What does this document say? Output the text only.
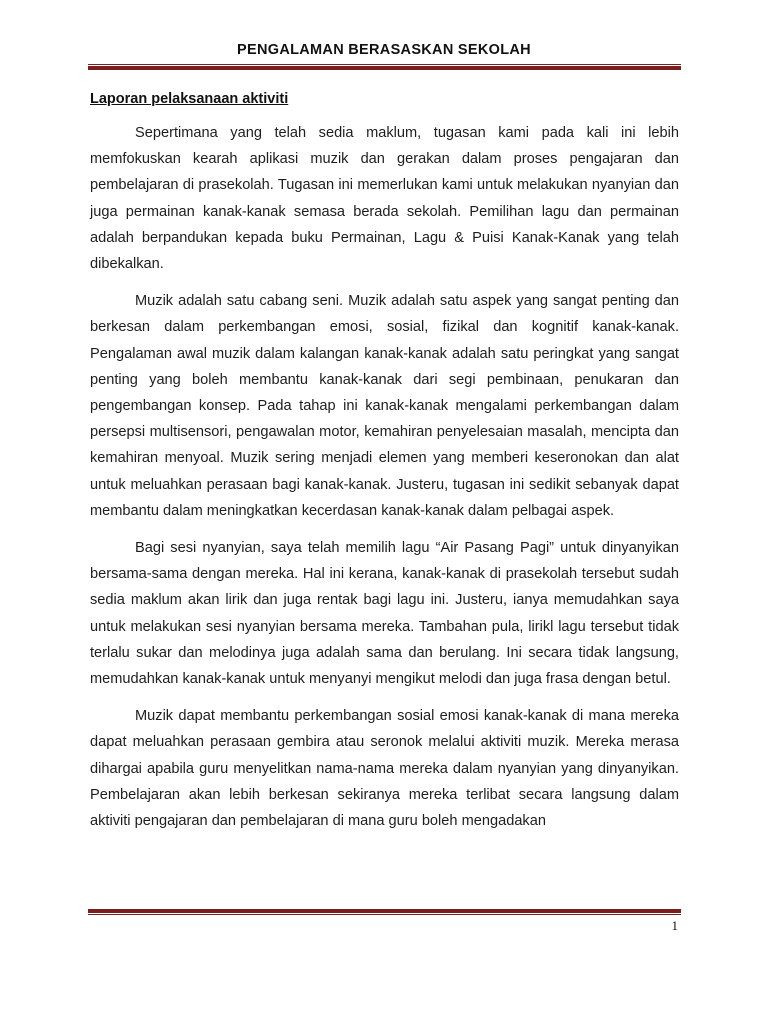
PENGALAMAN BERASASKAN SEKOLAH
Laporan pelaksanaan aktiviti

Sepertimana yang telah sedia maklum, tugasan kami pada kali ini lebih memfokuskan kearah aplikasi muzik dan gerakan dalam proses pengajaran dan pembelajaran di prasekolah. Tugasan ini memerlukan kami untuk melakukan nyanyian dan juga permainan kanak-kanak semasa berada sekolah. Pemilihan lagu dan permainan adalah berpandukan kepada buku Permainan, Lagu & Puisi Kanak-Kanak yang telah dibekalkan.

Muzik adalah satu cabang seni. Muzik adalah satu aspek yang sangat penting dan berkesan dalam perkembangan emosi, sosial, fizikal dan kognitif kanak-kanak. Pengalaman awal muzik dalam kalangan kanak-kanak adalah satu peringkat yang sangat penting yang boleh membantu kanak-kanak dari segi pembinaan, penukaran dan pengembangan konsep. Pada tahap ini kanak-kanak mengalami perkembangan dalam persepsi multisensori, pengawalan motor, kemahiran penyelesaian masalah, mencipta dan kemahiran menyoal. Muzik sering menjadi elemen yang memberi keseronokan dan alat untuk meluahkan perasaan bagi kanak-kanak. Justeru, tugasan ini sedikit sebanyak dapat membantu dalam meningkatkan kecerdasan kanak-kanak dalam pelbagai aspek.

Bagi sesi nyanyian, saya telah memilih lagu “Air Pasang Pagi” untuk dinyanyikan bersama-sama dengan mereka. Hal ini kerana, kanak-kanak di prasekolah tersebut sudah sedia maklum akan lirik dan juga rentak bagi lagu ini. Justeru, ianya memudahkan saya untuk melakukan sesi nyanyian bersama mereka. Tambahan pula, lirikl lagu tersebut tidak terlalu sukar dan melodinya juga adalah sama dan berulang. Ini secara tidak langsung, memudahkan kanak-kanak untuk menyanyi mengikut melodi dan juga frasa dengan betul.

Muzik dapat membantu perkembangan sosial emosi kanak-kanak di mana mereka dapat meluahkan perasaan gembira atau seronok melalui aktiviti muzik. Mereka merasa dihargai apabila guru menyelitkan nama-nama mereka dalam nyanyian yang dinyanyikan. Pembelajaran akan lebih berkesan sekiranya mereka terlibat secara langsung dalam aktiviti pengajaran dan pembelajaran di mana guru boleh mengadakan

1
